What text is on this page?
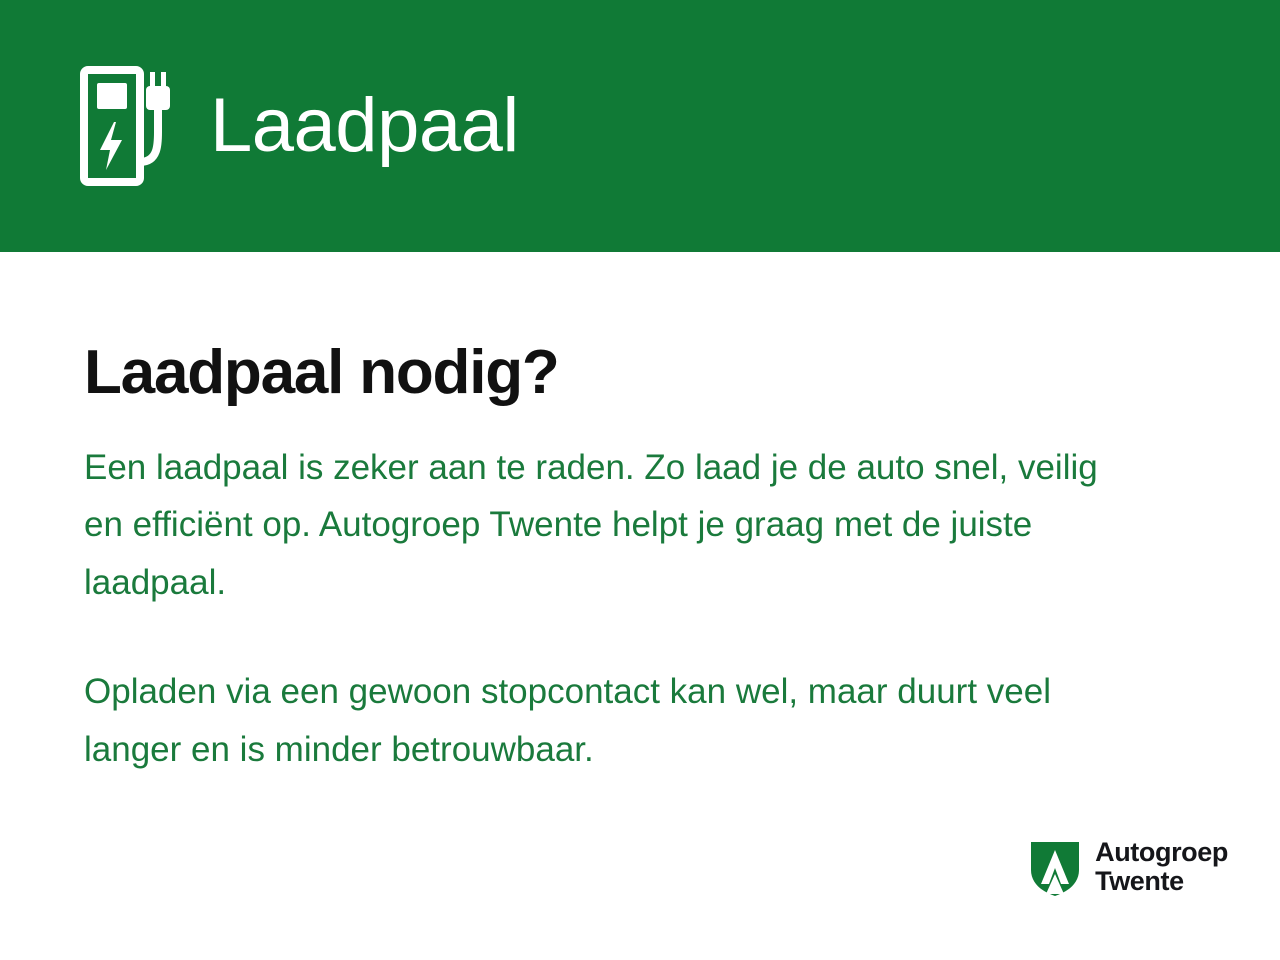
Laadpaal
Laadpaal nodig?

Een laadpaal is zeker aan te raden. Zo laad je de auto snel, veilig en efficiënt op. Autogroep Twente helpt je graag met de juiste laadpaal.

Opladen via een gewoon stopcontact kan wel, maar duurt veel langer en is minder betrouwbaar.

Autogroep
Twente
